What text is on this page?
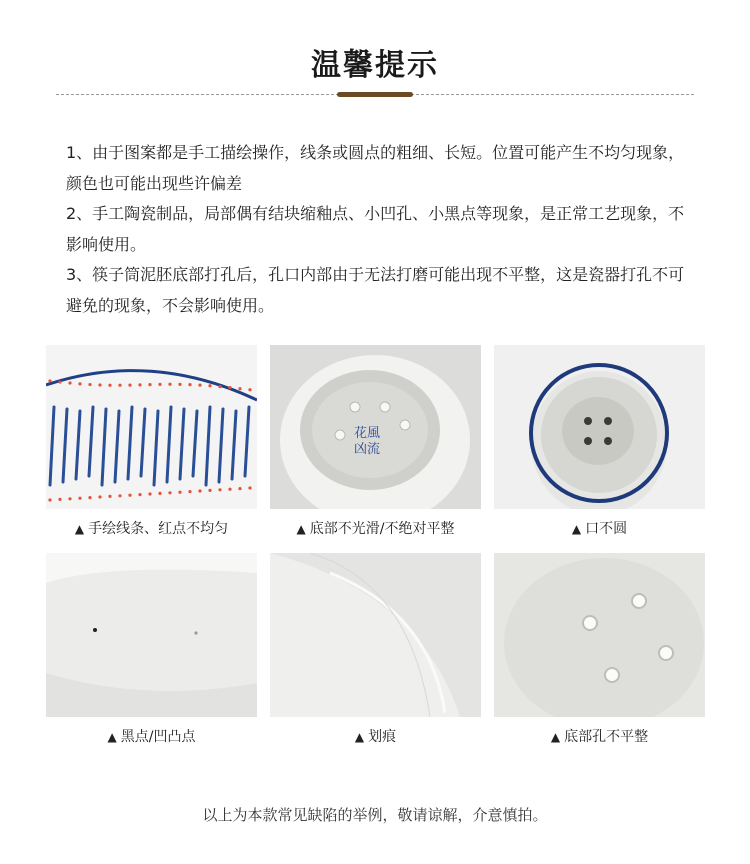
温馨提示

1、由于图案都是手工描绘操作，线条或圆点的粗细、长短。位置可能产生不均匀现象，颜色也可能出现些许偏差

2、手工陶瓷制品，局部偶有结块缩釉点、小凹孔、小黑点等现象，是正常工艺现象，不影响使用。

3、筷子筒泥胚底部打孔后，孔口内部由于无法打磨可能出现不平整，这是瓷器打孔不可避免的现象，不会影响使用。

▲ 手绘线条、红点不均匀
花風
凶流
▲ 底部不光滑/不绝对平整	▲ 口不圆
▲ 黑点/凹凸点	▲ 划痕	▲ 底部孔不平整
以上为本款常见缺陷的举例，敬请谅解，介意慎拍。
